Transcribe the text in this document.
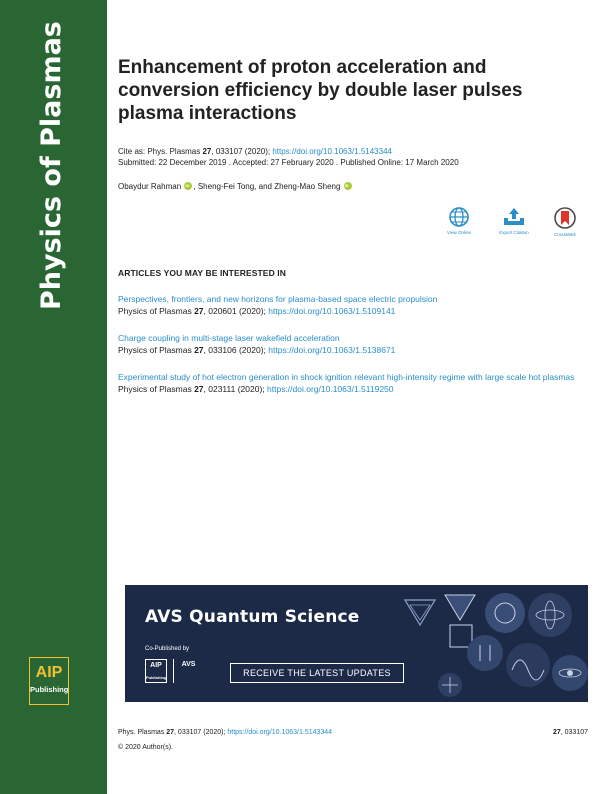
Physics of Plasmas
AIP
Publishing
Enhancement of proton acceleration and conversion efficiency by double laser pulses plasma interactions
Cite as: Phys. Plasmas 27, 033107 (2020); https://doi.org/10.1063/1.5143344
Submitted: 22 December 2019 . Accepted: 27 February 2020 . Published Online: 17 March 2020
Obaydur Rahman iD , Sheng-Fei Tong, and Zheng-Mao Sheng iD
View Online	Export Citation	CrossMark
ARTICLES YOU MAY BE INTERESTED IN
Perspectives, frontiers, and new horizons for plasma-based space electric propulsion
Physics of Plasmas 27, 020601 (2020); https://doi.org/10.1063/1.5109141
Charge coupling in multi-stage laser wakefield acceleration
Physics of Plasmas 27, 033106 (2020); https://doi.org/10.1063/1.5138671
Experimental study of hot electron generation in shock ignition relevant high-intensity regime with large scale hot plasmas
Physics of Plasmas 27, 023111 (2020); https://doi.org/10.1063/1.5119250
AVS Quantum Science
Co-Published by
AIP
Publishing
AVS
RECEIVE THE LATEST UPDATES
Phys. Plasmas 27, 033107 (2020); https://doi.org/10.1063/1.5143344	27, 033107
© 2020 Author(s).
